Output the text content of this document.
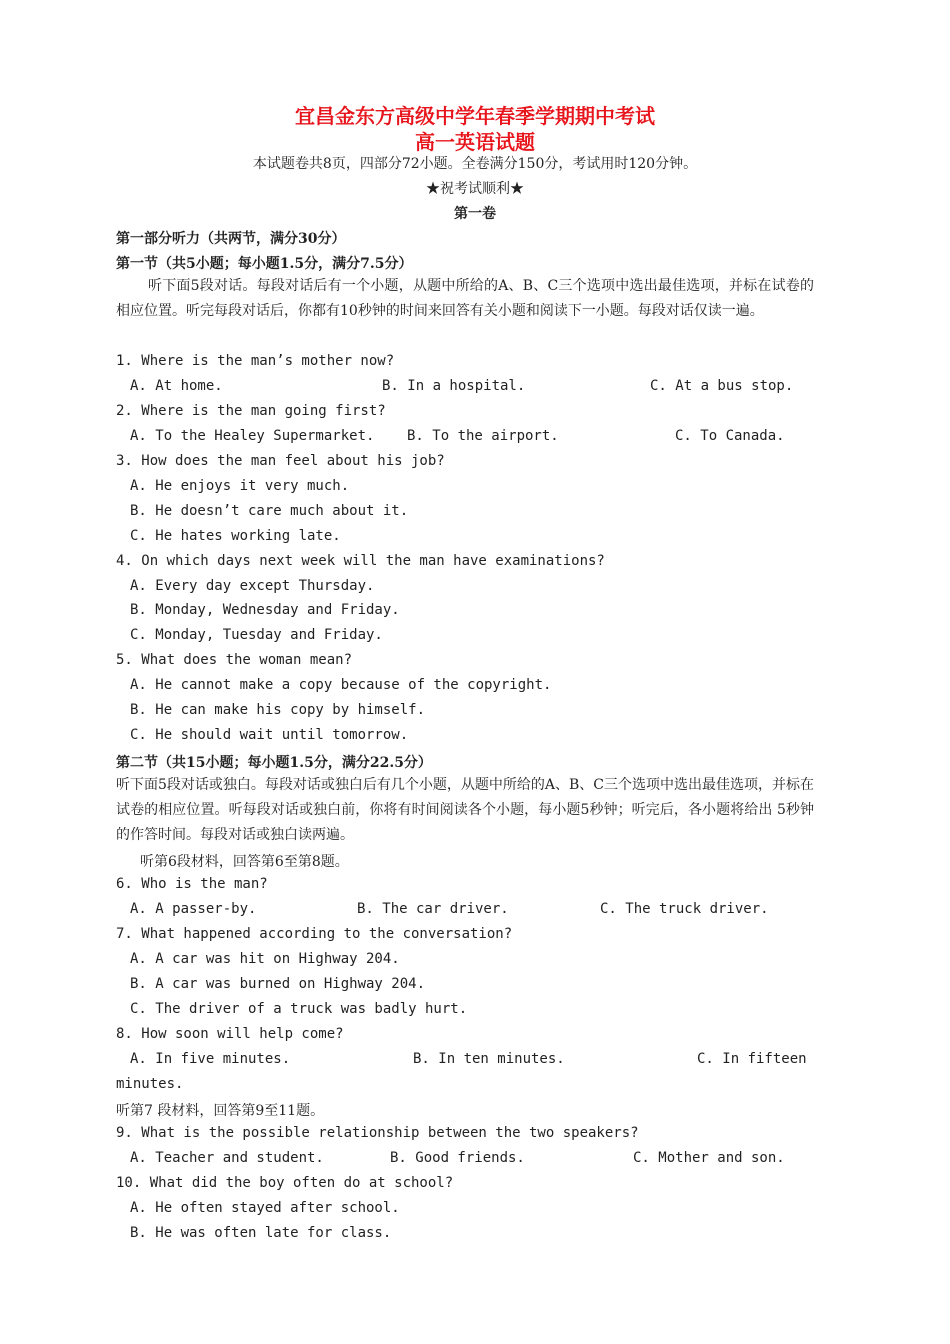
宜昌金东方高级中学年春季学期期中考试
高一英语试题
本试题卷共8页，四部分72小题。全卷满分150分，考试用时120分钟。
★祝考试顺利★
第一卷
第一部分听力（共两节，满分30分）
第一节（共5小题；每小题1.5分，满分7.5分）
听下面5段对话。每段对话后有一个小题，从题中所给的A、B、C三个选项中选出最佳选项，并标在试卷的相应位置。听完每段对话后，你都有10秒钟的时间来回答有关小题和阅读下一小题。每段对话仅读一遍。
1. Where is the man’s mother now?
A. At home.	B. In a hospital.	C. At a bus stop.
2. Where is the man going first?
A. To the Healey Supermarket. B. To the airport.	C. To Canada.
3. How does the man feel about his job?
A. He enjoys it very much.
B. He doesn’t care much about it.
C. He hates working late.
4. On which days next week will the man have examinations?
A. Every day except Thursday.
B. Monday, Wednesday and Friday.
C. Monday, Tuesday and Friday.
5. What does the woman mean?
A. He cannot make a copy because of the copyright.
B. He can make his copy by himself.
C. He should wait until tomorrow.
第二节（共15小题；每小题1.5分，满分22.5分）
听下面5段对话或独白。每段对话或独白后有几个小题，从题中所给的A、B、C三个选项中选出最佳选项，并标在试卷的相应位置。听每段对话或独白前，你将有时间阅读各个小题，每小题5秒钟；听完后，各小题将给出 5秒钟的作答时间。每段对话或独白读两遍。
听第6段材料，回答第6至第8题。
6. Who is the man?
A. A passer-by.	B. The car driver.	C. The truck driver.
7. What happened according to the conversation?
A. A car was hit on Highway 204.
B. A car was burned on Highway 204.
C. The driver of a truck was badly hurt.
8. How soon will help come?
A. In five minutes.	B. In ten minutes.	C. In fifteen
minutes.
听第7 段材料，回答第9至11题。
9. What is the possible relationship between the two speakers?
A. Teacher and student.	B. Good friends.	C. Mother and son.
10. What did the boy often do at school?
A. He often stayed after school.
B. He was often late for class.
